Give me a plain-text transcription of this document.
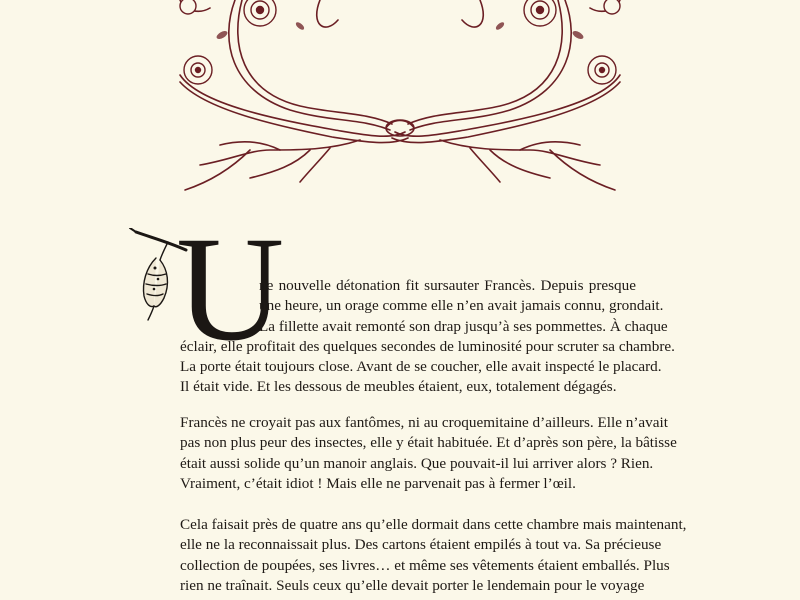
U
ne nouvelle détonation fit sursauter Francès. Depuis presque
une heure, un orage comme elle n’en avait jamais connu, grondait.
La fillette avait remonté son drap jusqu’à ses pommettes. À chaque
éclair, elle profitait des quelques secondes de luminosité pour scruter sa chambre.
La porte était toujours close. Avant de se coucher, elle avait inspecté le placard.
Il était vide. Et les dessous de meubles étaient, eux, totalement dégagés.
Francès ne croyait pas aux fantômes, ni au croquemitaine d’ailleurs. Elle n’avait
pas non plus peur des insectes, elle y était habituée. Et d’après son père, la bâtisse
était aussi solide qu’un manoir anglais. Que pouvait-il lui arriver alors ? Rien.
Vraiment, c’était idiot ! Mais elle ne parvenait pas à fermer l’œil.
Cela faisait près de quatre ans qu’elle dormait dans cette chambre mais maintenant,
elle ne la reconnaissait plus. Des cartons étaient empilés à tout va. Sa précieuse
collection de poupées, ses livres… et même ses vêtements étaient emballés. Plus
rien ne traînait. Seuls ceux qu’elle devait porter le lendemain pour le voyage
